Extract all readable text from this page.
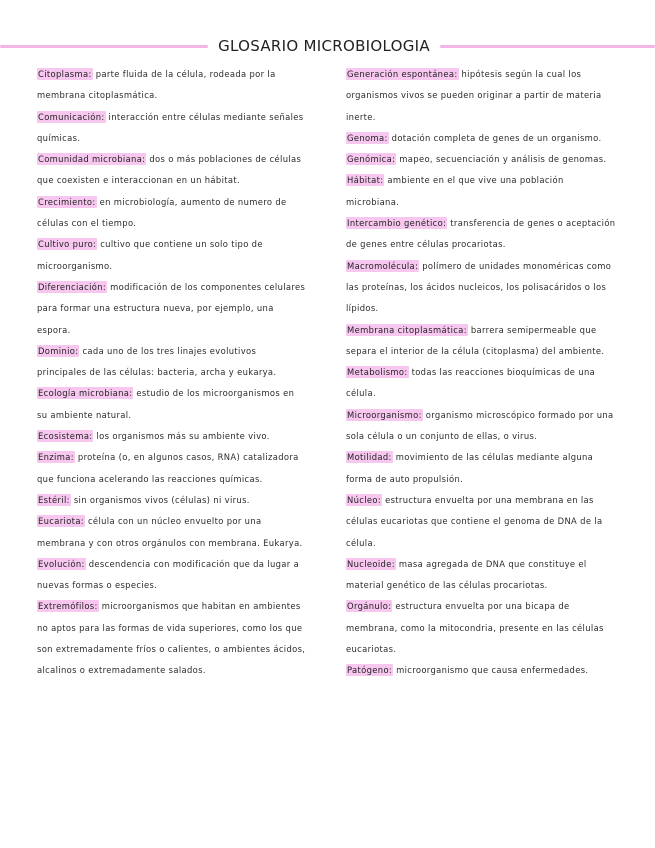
GLOSARIO MICROBIOLOGIA

Citoplasma: parte fluida de la célula, rodeada por la membrana citoplasmática.

Comunicación: interacción entre células mediante señales químicas.

Comunidad microbiana: dos o más poblaciones de células que coexisten e interaccionan en un hábitat.

Crecimiento: en microbiología, aumento de numero de células con el tiempo.

Cultivo puro: cultivo que contiene un solo tipo de microorganismo.

Diferenciación: modificación de los componentes celulares para formar una estructura nueva, por ejemplo, una espora.

Dominio: cada uno de los tres linajes evolutivos principales de las células: bacteria, archa y eukarya.

Ecología microbiana: estudio de los microorganismos en su ambiente natural.

Ecosistema: los organismos más su ambiente vivo.

Enzima: proteína (o, en algunos casos, RNA) catalizadora que funciona acelerando las reacciones químicas.

Estéril: sin organismos vivos (células) ni virus.

Eucariota: célula con un núcleo envuelto por una membrana y con otros orgánulos con membrana. Eukarya.

Evolución: descendencia con modificación que da lugar a nuevas formas o especies.

Extremófilos: microorganismos que habitan en ambientes no aptos para las formas de vida superiores, como los que son extremadamente fríos o calientes, o ambientes ácidos, alcalinos o extremadamente salados.

Generación espontánea: hipótesis según la cual los organismos vivos se pueden originar a partir de materia inerte.

Genoma: dotación completa de genes de un organismo.

Genómica: mapeo, secuenciación y análisis de genomas.

Hábitat: ambiente en el que vive una población microbiana.

Intercambio genético: transferencia de genes o aceptación de genes entre células procariotas.

Macromolécula: polímero de unidades monoméricas como las proteínas, los ácidos nucleicos, los polisacáridos o los lípidos.

Membrana citoplasmática: barrera semipermeable que separa el interior de la célula (citoplasma) del ambiente.

Metabolismo: todas las reacciones bioquímicas de una célula.

Microorganismo: organismo microscópico formado por una sola célula o un conjunto de ellas, o virus.

Motilidad: movimiento de las células mediante alguna forma de auto propulsión.

Núcleo: estructura envuelta por una membrana en las células eucariotas que contiene el genoma de DNA de la célula.

Nucleoide: masa agregada de DNA que constituye el material genético de las células procariotas.

Orgánulo: estructura envuelta por una bicapa de membrana, como la mitocondria, presente en las células eucariotas.

Patógeno: microorganismo que causa enfermedades.
